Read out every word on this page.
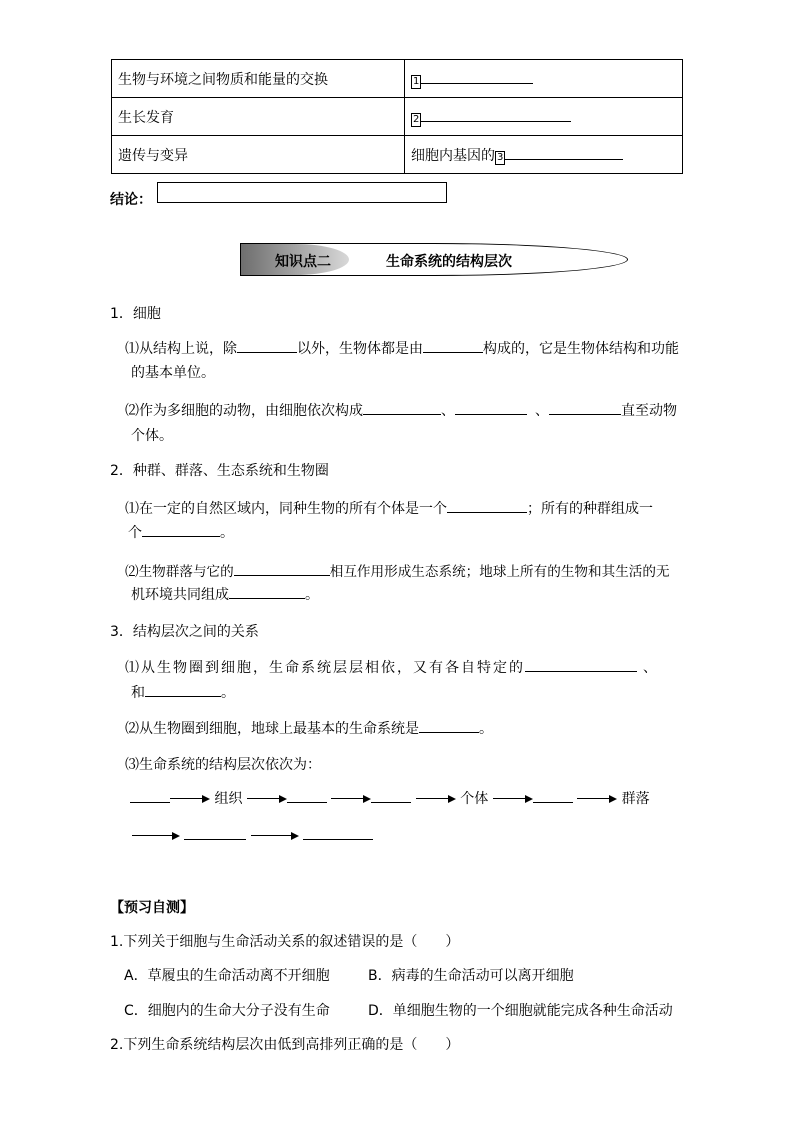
生物与环境之间物质和能量的交换	1
生长发育	2
遗传与变异	细胞内基因的 3
结论：
知识点二	生命系统的结构层次
1．细胞
⑴从结构上说，除	以外，生物体都是由	构成的，它是生物体结构和功能
的基本单位。
⑵作为多细胞的动物，由细胞依次构成	、	、	直至动物
个体。
2．种群、群落、生态系统和生物圈
⑴在一定的自然区域内，同种生物的所有个体是一个	；所有的种群组成一
个	。
⑵生物群落与它的	相互作用形成生态系统；地球上所有的生物和其生活的无
机环境共同组成	。
3．结构层次之间的关系
⑴从生物圈到细胞，生命系统层层相依，又有各自特定的	、
和	。
⑵从生物圈到细胞，地球上最基本的生命系统是	。
⑶生命系统的结构层次依次为：
组织	个体	群落

【预习自测】
1.下列关于细胞与生命活动关系的叙述错误的是（　　）
A．草履虫的生命活动离不开细胞	B．病毒的生命活动可以离开细胞
C．细胞内的生命大分子没有生命	D．单细胞生物的一个细胞就能完成各种生命活动
2.下列生命系统结构层次由低到高排列正确的是（　　）
